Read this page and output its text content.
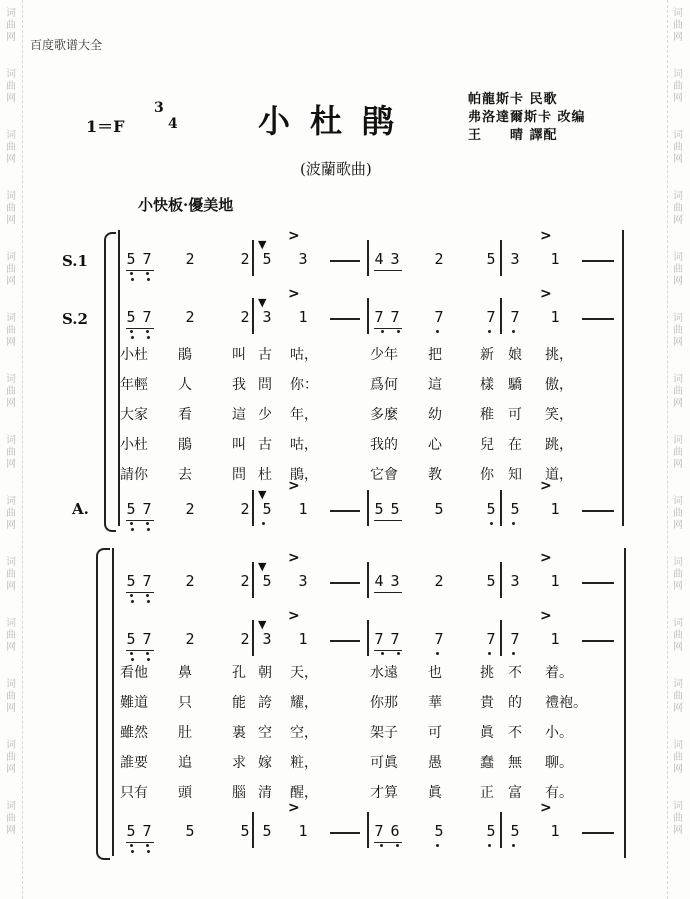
词
曲
网
词
曲
网
词
曲
网
词
曲
网
词
曲
网
词
曲
网
词
曲
网
词
曲
网
词
曲
网
词
曲
网
词
曲
网
词
曲
网
词
曲
网
词
曲
网
词
曲
网
词
曲
网
词
曲
网
词
曲
网
词
曲
网
词
曲
网
词
曲
网
词
曲
网
词
曲
网
词
曲
网
词
曲
网
词
曲
网
词
曲
网
词
曲
网
百度歌谱大全
1＝F
3
4	小杜鹃
帕龍斯卡 民歌
弗洛達爾斯卡 改编
王　　晴 譯配
(波蘭歌曲)
小快板·優美地
S.1
S.2
A.
5 7 2	2 5 3	4 3 2	5 3 1
>	>
▼
5 7 2	2 3 1	7 7 7	7 7 1
>	>
▼
小杜 鵑	叫 古 咕，	少年 把	新 娘 挑，
年輕 人	我 問 你：	爲何 這	樣 驕 傲，
大家 看	這 少 年，	多麼 幼	稚 可 笑，
小杜 鵑	叫 古 咕，	我的 心	兒 在 跳，
請你 去	問 杜 鵑，	它會 教	你 知 道，
5 7 2	2 5 1	5 5 5	5 5 1
>	>
▼
5 7 2	2 5 3	4 3 2	5 3 1
>	>
▼
5 7 2	2 3 1	7 7 7	7 7 1
>	>
▼
看他 鼻	孔 朝 天，	水遠 也	挑 不 着。
難道 只	能 誇 耀，	你那 華	貴 的 禮袍。
雖然 肚	裏 空 空，	架子 可	眞 不 小。
誰要 追	求 嫁 粧，	可眞 愚	蠢 無 聊。
只有 頭	腦 清 醒，	才算 眞	正 富 有。
5 7 5	5 5 1	7 6 5	5 5 1
>	>
